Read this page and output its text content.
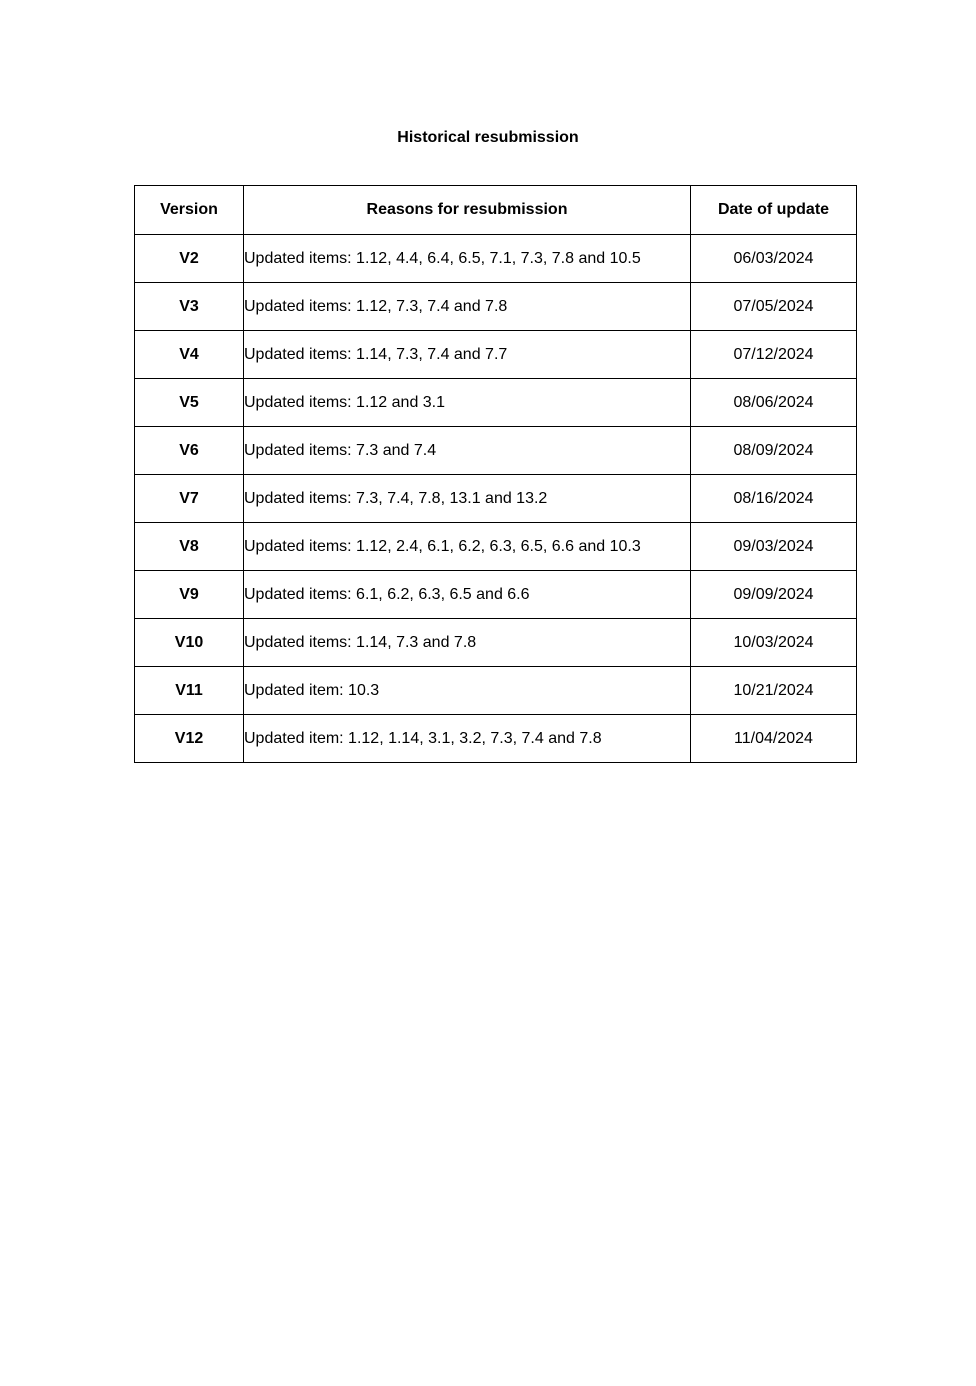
Historical resubmission
Version	Reasons for resubmission	Date of update
V2	Updated items: 1.12, 4.4, 6.4, 6.5, 7.1, 7.3, 7.8 and 10.5	06/03/2024
V3	Updated items: 1.12, 7.3, 7.4 and 7.8	07/05/2024
V4	Updated items: 1.14, 7.3, 7.4 and 7.7	07/12/2024
V5	Updated items: 1.12 and 3.1	08/06/2024
V6	Updated items: 7.3 and 7.4	08/09/2024
V7	Updated items: 7.3, 7.4, 7.8, 13.1 and 13.2	08/16/2024
V8	Updated items: 1.12, 2.4, 6.1, 6.2, 6.3, 6.5, 6.6 and 10.3	09/03/2024
V9	Updated items: 6.1, 6.2, 6.3, 6.5 and 6.6	09/09/2024
V10	Updated items: 1.14, 7.3 and 7.8	10/03/2024
V11	Updated item: 10.3	10/21/2024
V12	Updated item: 1.12, 1.14, 3.1, 3.2, 7.3, 7.4 and 7.8	11/04/2024
